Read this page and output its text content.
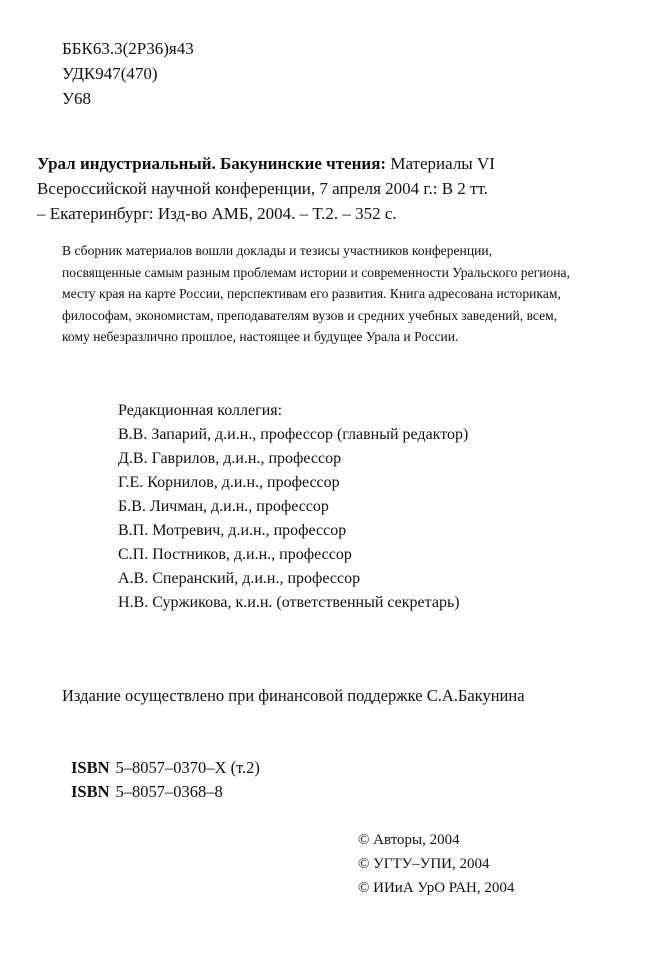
ББК63.3(2Р36)я43
УДК947(470)
У68
Урал индустриальный. Бакунинские чтения: Материалы VI
Всероссийской научной конференции, 7 апреля 2004 г.: В 2 тт.
– Екатеринбург: Изд-во АМБ, 2004. – Т.2. – 352 с.
В сборник материалов вошли доклады и тезисы участников конференции,
посвященные самым разным проблемам истории и современности Уральского региона,
месту края на карте России, перспективам его развития. Книга адресована историкам,
философам, экономистам, преподавателям вузов и средних учебных заведений, всем,
кому небезразлично прошлое, настоящее и будущее Урала и России.
Редакционная коллегия:
В.В. Запарий, д.и.н., профессор (главный редактор)
Д.В. Гаврилов, д.и.н., профессор
Г.Е. Корнилов, д.и.н., профессор
Б.В. Личман, д.и.н., профессор
В.П. Мотревич, д.и.н., профессор
С.П. Постников, д.и.н., профессор
А.В. Сперанский, д.и.н., профессор
Н.В. Суржикова, к.и.н. (ответственный секретарь)
Издание осуществлено при финансовой поддержке С.А.Бакунина
ISBN 5–8057–0370–Х (т.2)
ISBN 5–8057–0368–8
© Авторы, 2004
© УГТУ–УПИ, 2004
© ИИиА УрО РАН, 2004
